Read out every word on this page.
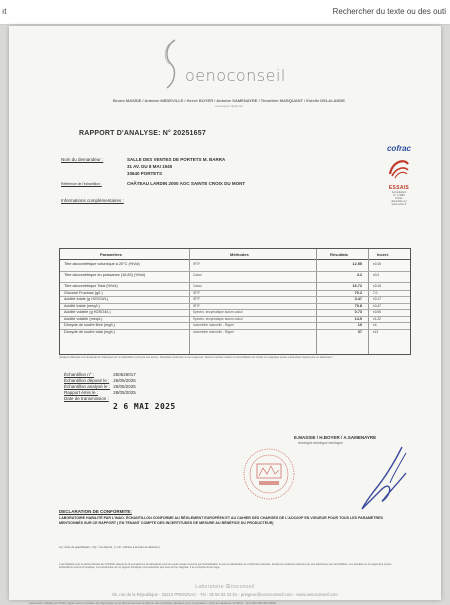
ıt	Rechercher du texte ou des outi
oenoconseil
Bruno MASSIE / Antoine MEDEVILLE / Hervé BOYER / Antoine SAMENAYRE / Timothée MARQUANT / Estelle DELALANDE
œnologues diplômés
RAPPORT D'ANALYSE: N° 20251657
cofrac
ESSAIS
Accréditation
N° 1-0880
Portée
disponible sur
www.cofrac.fr
Nom du demandeur :	SALLE DES VENTES DE PORTETS M. BARRA
31 AV. DU 8 MAI 1945
33640 PORTETS
Référence de l'échantillon :	CHÂTEAU LARDIN 2000 AOC SAINTE CROIX DU MONT
Informations complémentaires :
Paramètres	Méthodes	Résultats	Incert.
Titre alcoométrique volumique à 20°C (%Vol)	IRTF	12.55	±0.15
Titre alcoométrique en puissance (16.83) (%Vol)	Calcul	4.2	±0.2
Titre alcoométrique Total (%Vol)	Calcul	16.72	±0.15
Glucose Fructose (g/L)	IRTF	70.2	7.0
Acidité totale (g H2SO4/L)	IRTF	3.47	±0.17
Acidité totale (meq/L)	IRTF	70.8	±3.47
Acidité volatile (g H2SO4/L)	Spectro. enzymatique autom calcul	0.73	±0.05
Acidité volatile (meq/L)	Spectro. enzymatique autom calcul	14.9	±1.22
Dioxyde de soufre libre (mg/L)	Iodométrie manuelle - Ripper	10	±4
Dioxyde de soufre total (mg/L)	Iodométrie manuelle - Ripper	37	±12
(Analyse effectuée à la demande de l'intéressé sur un échantillon remis par ses soins) - Résultats conformes à nos exigences. Toute la mention relative à l'accréditation du Cofrac ne s'applique qu'aux paramètres repérés par un astérisque *.
Échantillon n° :	250526017
Échantillon déposé le : 26/05/2025
Échantillon analysé le : 26/05/2025
Rapport émis le :	28/05/2025
Date de transmission :
2 6 MAI 2025
E.MASSIE / H.BOYER / A.SAMENAYRE
œnologue œnologue œnologue
DECLARATION DE CONFORMITE:
LABORATOIRE HABILITÉ PAR L'INAO. ÉCHANTILLON CONFORME AU RÈGLEMENT EUROPÉEN ET AU CAHIER DES CHARGES DE L'AOC/IGP EN VIGUEUR POUR TOUS LES PARAMÈTRES MENTIONNÉS SUR CE RAPPORT ( EN TENANT COMPTE DES INCERTITUDES DE MESURE AU BÉNÉFICE DU PRODUCTEUR)
LQ : limite de quantification ; NQ : non détecté ; (< LD : inférieur à la limite de détection)
L'accréditation par la section Essais du COFRAC atteste de la compétence du laboratoire pour les seuls essais couverts par l'accréditation et pour la déclaration de conformité associée. Seules les analyses repérées par une astérisque sont accréditées. Les résultats ne se rapportent qu'aux échantillons soumis à l'analyse. La reproduction de ce rapport d'analyse n'est autorisée que sous forme intégrale. Il se compose d'une page.
Laboratoire Œnoconseil
55, rue de la République - 33210 PREIGNAC - Tél : 05 56 62 33 51 - preignac@oenoconseil.com - www.oenoconseil.com
Laboratoire habilité par l'INAO, agréé par le ministère de l'Agriculture et de l'Environnement à délivrer des certificats d'analyse pour l'exportation - SAS au capital de 10 000 € - Siret 000 000 000 00000
